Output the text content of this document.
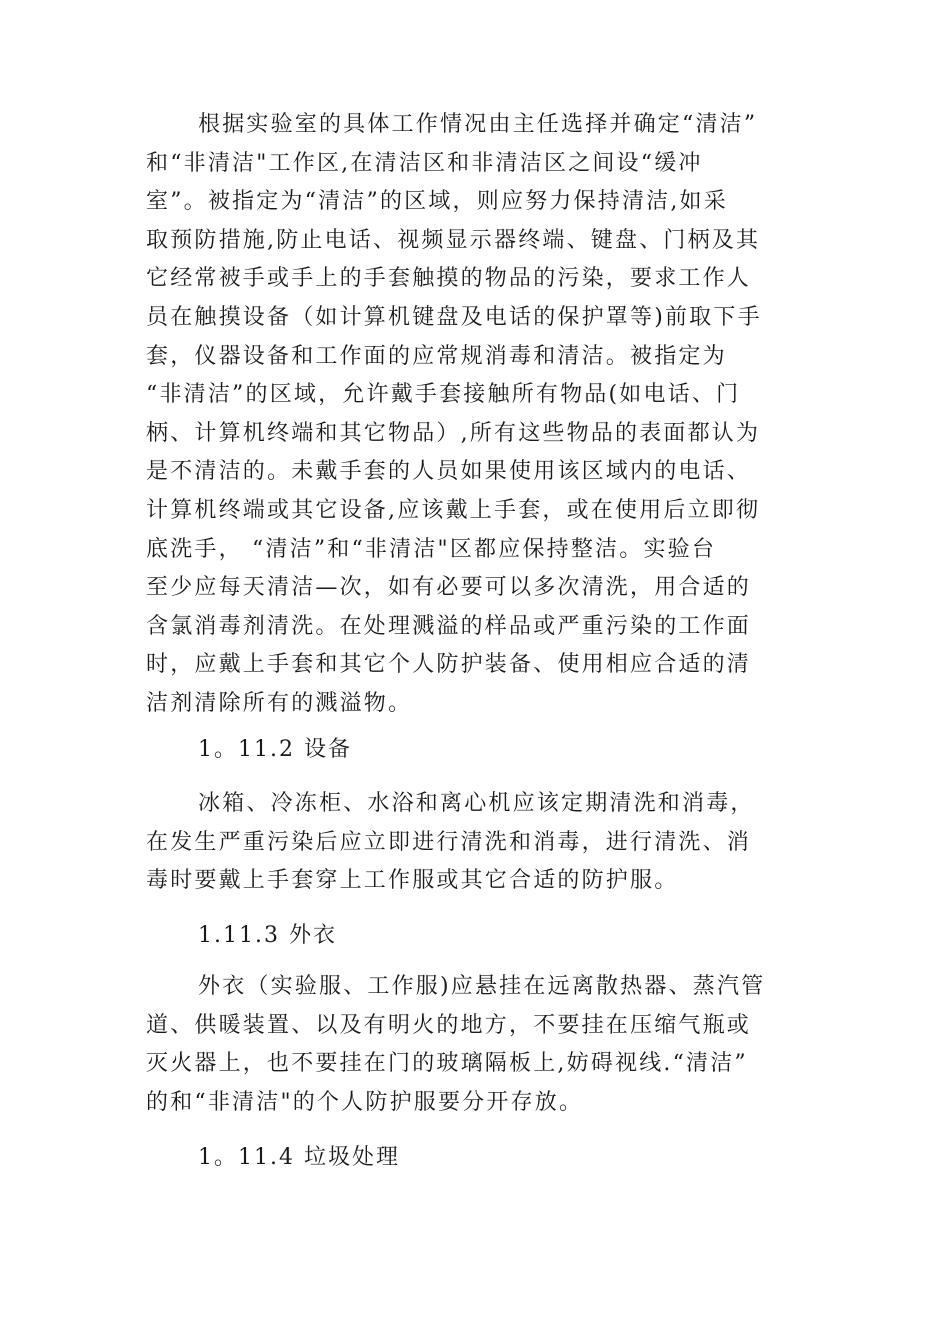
根据实验室的具体工作情况由主任选择并确定“清洁”
和“非清洁"工作区,在清洁区和非清洁区之间设“缓冲
室”。被指定为“清洁”的区域，则应努力保持清洁,如采
取预防措施,防止电话、视频显示器终端、键盘、门柄及其
它经常被手或手上的手套触摸的物品的污染，要求工作人
员在触摸设备（如计算机键盘及电话的保护罩等)前取下手
套，仪器设备和工作面的应常规消毒和清洁。被指定为
“非清洁”的区域，允许戴手套接触所有物品(如电话、门
柄、计算机终端和其它物品）,所有这些物品的表面都认为
是不清洁的。未戴手套的人员如果使用该区域内的电话、
计算机终端或其它设备,应该戴上手套，或在使用后立即彻
底洗手， “清洁”和“非清洁"区都应保持整洁。实验台
至少应每天清洁—次，如有必要可以多次清洗，用合适的
含氯消毒剂清洗。在处理溅溢的样品或严重污染的工作面
时，应戴上手套和其它个人防护装备、使用相应合适的清
洁剂清除所有的溅溢物。
1。11.2 设备
冰箱、冷冻柜、水浴和离心机应该定期清洗和消毒，
在发生严重污染后应立即进行清洗和消毒，进行清洗、消
毒时要戴上手套穿上工作服或其它合适的防护服。
1.11.3 外衣
外衣（实验服、工作服)应悬挂在远离散热器、蒸汽管
道、供暖装置、以及有明火的地方，不要挂在压缩气瓶或
灭火器上，也不要挂在门的玻璃隔板上,妨碍视线.“清洁”
的和“非清洁"的个人防护服要分开存放。
1。11.4 垃圾处理
